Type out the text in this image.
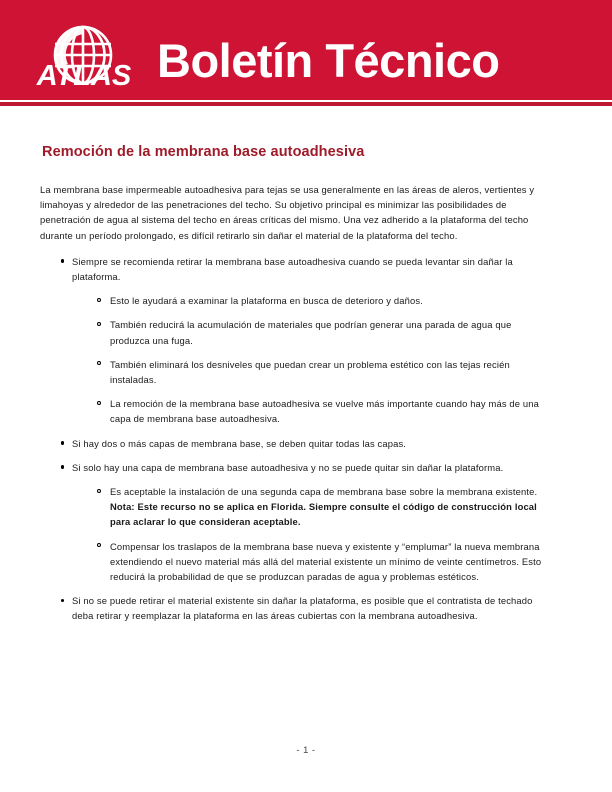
ATLAS Boletín Técnico
Remoción de la membrana base autoadhesiva

La membrana base impermeable autoadhesiva para tejas se usa generalmente en las áreas de aleros, vertientes y limahoyas y alrededor de las penetraciones del techo. Su objetivo principal es minimizar las posibilidades de penetración de agua al sistema del techo en áreas críticas del mismo. Una vez adherido a la plataforma del techo durante un período prolongado, es difícil retirarlo sin dañar el material de la plataforma del techo.

Siempre se recomienda retirar la membrana base autoadhesiva cuando se pueda levantar sin dañar la plataforma.
Esto le ayudará a examinar la plataforma en busca de deterioro y daños.
También reducirá la acumulación de materiales que podrían generar una parada de agua que produzca una fuga.
También eliminará los desniveles que puedan crear un problema estético con las tejas recién instaladas.
La remoción de la membrana base autoadhesiva se vuelve más importante cuando hay más de una capa de membrana base autoadhesiva.
Si hay dos o más capas de membrana base, se deben quitar todas las capas.
Si solo hay una capa de membrana base autoadhesiva y no se puede quitar sin dañar la plataforma.
Es aceptable la instalación de una segunda capa de membrana base sobre la membrana existente. Nota: Este recurso no se aplica en Florida. Siempre consulte el código de construcción local para aclarar lo que consideran aceptable.
Compensar los traslapos de la membrana base nueva y existente y “emplumar” la nueva membrana extendiendo el nuevo material más allá del material existente un mínimo de veinte centímetros. Esto reducirá la probabilidad de que se produzcan paradas de agua y problemas estéticos.
Si no se puede retirar el material existente sin dañar la plataforma, es posible que el contratista de techado deba retirar y reemplazar la plataforma en las áreas cubiertas con la membrana autoadhesiva.
- 1 -
